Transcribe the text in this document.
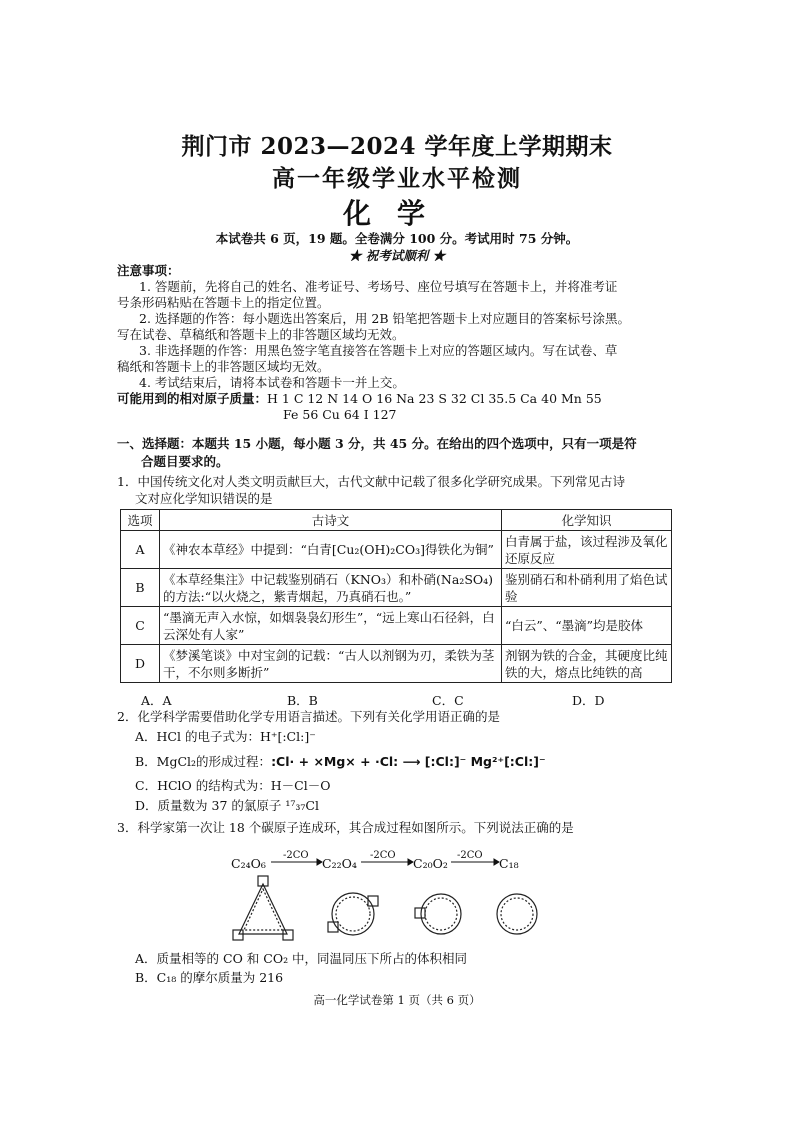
荆门市 2023—2024 学年度上学期期末
高一年级学业水平检测
化学
本试卷共 6 页，19 题。全卷满分 100 分。考试用时 75 分钟。
★ 祝考试顺利 ★
注意事项：
1. 答题前，先将自己的姓名、准考证号、考场号、座位号填写在答题卡上，并将准考证
号条形码粘贴在答题卡上的指定位置。
2. 选择题的作答：每小题选出答案后，用 2B 铅笔把答题卡上对应题目的答案标号涂黑。
写在试卷、草稿纸和答题卡上的非答题区域均无效。
3. 非选择题的作答：用黑色签字笔直接答在答题卡上对应的答题区域内。写在试卷、草
稿纸和答题卡上的非答题区域均无效。
4. 考试结束后，请将本试卷和答题卡一并上交。
可能用到的相对原子质量：H 1 C 12 N 14 O 16 Na 23 S 32 Cl 35.5 Ca 40 Mn 55
Fe 56 Cu 64 I 127
一、选择题：本题共 15 小题，每小题 3 分，共 45 分。在给出的四个选项中，只有一项是符
合题目要求的。
1．中国传统文化对人类文明贡献巨大，古代文献中记载了很多化学研究成果。下列常见古诗
文对应化学知识错误的是
选项	古诗文	化学知识
A	《神农本草经》中提到：“白青[Cu₂(OH)₂CO₃]得铁化为铜”	白青属于盐，该过程涉及氧化还原反应
B	《本草经集注》中记载鉴别硝石（KNO₃）和朴硝(Na₂SO₄)的方法:“以火烧之，紫青烟起，乃真硝石也。”	鉴别硝石和朴硝利用了焰色试验
C	“墨滴无声入水惊，如烟袅袅幻形生”，“远上寒山石径斜，白云深处有人家”	“白云”、“墨滴”均是胶体
D	《梦溪笔谈》中对宝剑的记载：“古人以剂钢为刃，柔铁为茎干，不尔则多断折”	剂钢为铁的合金，其硬度比纯铁的大，熔点比纯铁的高
A．A	B．B	C．C	D．D
2．化学科学需要借助化学专用语言描述。下列有关化学用语正确的是
A．HCl 的电子式为：H⁺[:Cl:]⁻
B．MgCl₂的形成过程：:Cl· + ×Mg× + ·Cl: ⟶ [:Cl:]⁻ Mg²⁺[:Cl:]⁻
C．HClO 的结构式为：H－Cl－O
D．质量数为 37 的氯原子 ¹⁷₃₇Cl
3．科学家第一次让 18 个碳原子连成环，其合成过程如图所示。下列说法正确的是
C₂₄O₆
-2CO
C₂₂O₄
-2CO
C₂₀O₂
-2CO
C₁₈
A．质量相等的 CO 和 CO₂ 中，同温同压下所占的体积相同
B．C₁₈ 的摩尔质量为 216
高一化学试卷第 1 页（共 6 页）
